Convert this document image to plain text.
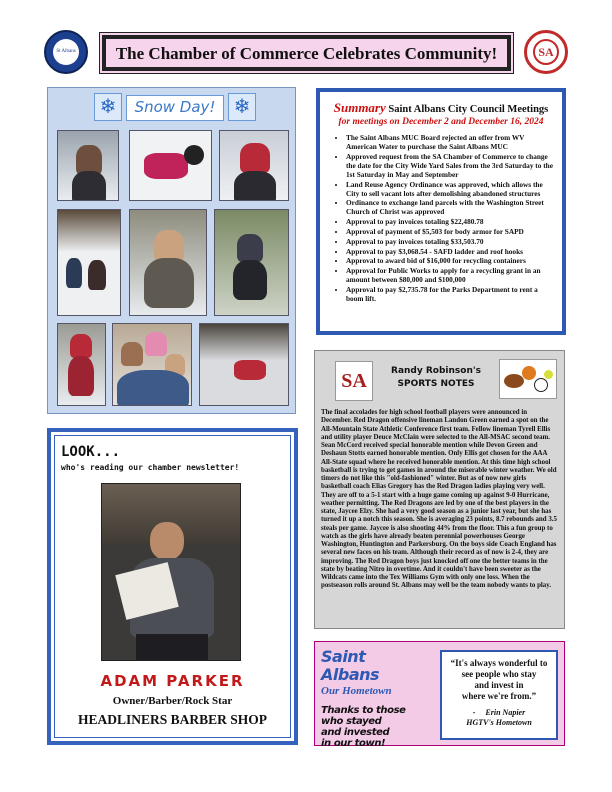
St Albans	The Chamber of Commerce Celebrates Community!	SA
❄	Snow Day! ❄	Summary Saint Albans City Council Meetings
for meetings on December 2 and December 16, 2024
• The Saint Albans MUC Board rejected an offer from WV American Water to purchase the Saint Albans MUC
• Approved request from the SA Chamber of Commerce to change the date for the City Wide Yard Sales from the 3rd Saturday to the 1st Saturday in May and September
• Land Reuse Agency Ordinance was approved, which allows the City to sell vacant lots after demolishing abandoned structures
• Ordinance to exchange land parcels with the Washington Street Church of Christ was approved
• Approval to pay invoices totaling $22,480.78
• Approval of payment of $5,503 for body armor for SAPD
• Approval to pay invoices totaling $33,503.70
• Approval to pay $3,068.54 - SAFD ladder and roof hooks
• Approval to award bid of $16,000 for recycling containers
• Approval for Public Works to apply for a recycling grant in an amount between $80,000 and $100,000
• Approval to pay $2,735.78 for the Parks Department to rent a boom lift.
SA	Randy Robinson's
SPORTS NOTES
The final accolades for high school football players were announced in December. Red Dragon offensive lineman Landon Green earned a spot on the All-Mountain State Athletic Conference first team. Fellow lineman Tyrell Ellis and utility player Deuce McClain were selected to the All-MSAC second team. Sean McCord received special honorable mention while Devon Green and Deshaun Stotts earned honorable mention. Only Ellis got chosen for the AAA All-State squad where he received honorable mention. At this time high school basketball is trying to get games in around the miserable winter weather. We old timers do not like this "old-fashioned" winter. But as of now new girls basketball coach Elias Gregory has the Red Dragon ladies playing very well. They are off to a 5-1 start with a huge game coming up against 9-0 Hurricane, weather permitting. The Red Dragons are led by one of the best players in the state, Jaycee Elzy. She had a very good season as a junior last year, but she has turned it up a notch this season. She is averaging 23 points, 8.7 rebounds and 3.5 steals per game. Jaycee is also shooting 44% from the floor. This a fun group to watch as the girls have already beaten perennial powerhouses George Washington, Huntington and Parkersburg. On the boys side Coach England has several new faces on his team. Although their record as of now is 2-4, they are improving. The Red Dragon boys just knocked off one the better teams in the state by beating Nitro in overtime. And it couldn't have been sweeter as the Wildcats came into the Tex Williams Gym with only one loss. When the postseason rolls around St. Albans may well be the team nobody wants to play.
LOOK...
who's reading our chamber newsletter!
ADAM PARKER
Owner/Barber/Rock Star
HEADLINERS BARBER SHOP
Saint Albans
Our Hometown
Thanks to those
who stayed
and invested
in our town!
“It's always wonderful to
see people who stay
and invest in
where we're from.”
-     Erin Napier
HGTV's Hometown
